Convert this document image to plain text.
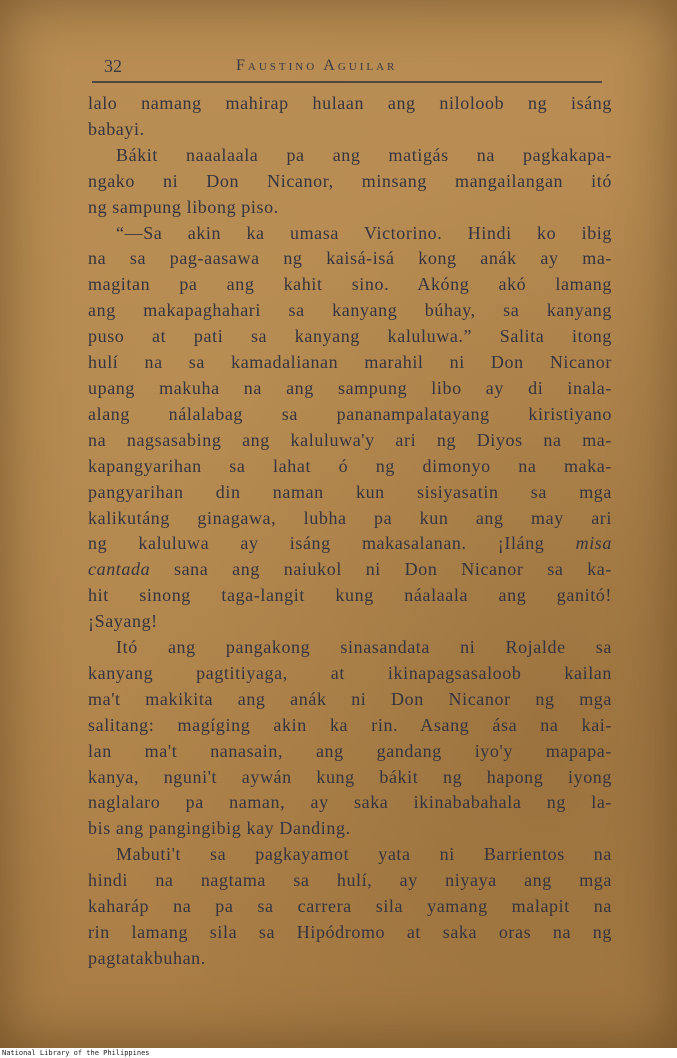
32	Faustino Aguilar
lalo namang mahirap hulaan ang niloloob ng isáng
babayi.
Bákit naaalaala pa ang matigás na pagkakapa-
ngako ni Don Nicanor, minsang mangailangan itó
ng sampung libong piso.
“—Sa akin ka umasa Victorino. Hindi ko ibig
na sa pag-aasawa ng kaisá-isá kong anák ay ma-
magitan pa ang kahit sino. Akóng akó lamang
ang makapaghahari sa kanyang búhay, sa kanyang
puso at pati sa kanyang kaluluwa.” Salita itong
hulí na sa kamadalianan marahil ni Don Nicanor
upang makuha na ang sampung libo ay di inala-
alang nálalabag sa pananampalatayang kiristiyano
na nagsasabing ang kaluluwa'y ari ng Diyos na ma-
kapangyarihan sa lahat ó ng dimonyo na maka-
pangyarihan din naman kun sisiyasatin sa mga
kalikutáng ginagawa, lubha pa kun ang may ari
ng kaluluwa ay isáng makasalanan. ¡Iláng misa
cantada sana ang naiukol ni Don Nicanor sa ka-
hit sinong taga-langit kung náalaala ang ganitó!
¡Sayang!
Itó ang pangakong sinasandata ni Rojalde sa
kanyang pagtitiyaga, at ikinapagsasaloob kailan
ma't makikita ang anák ni Don Nicanor ng mga
salitang: magíging akin ka rin. Asang ása na kai-
lan ma't nanasain, ang gandang iyo'y mapapa-
kanya, nguni't aywán kung bákit ng hapong iyong
naglalaro pa naman, ay saka ikinababahala ng la-
bis ang pangingibig kay Danding.
Mabuti't sa pagkayamot yata ni Barrientos na
hindi na nagtama sa hulí, ay niyaya ang mga
kaharáp na pa sa carrera sila yamang malapit na
rin lamang sila sa Hipódromo at saka oras na ng
pagtatakbuhan.
National Library of the Philippines
